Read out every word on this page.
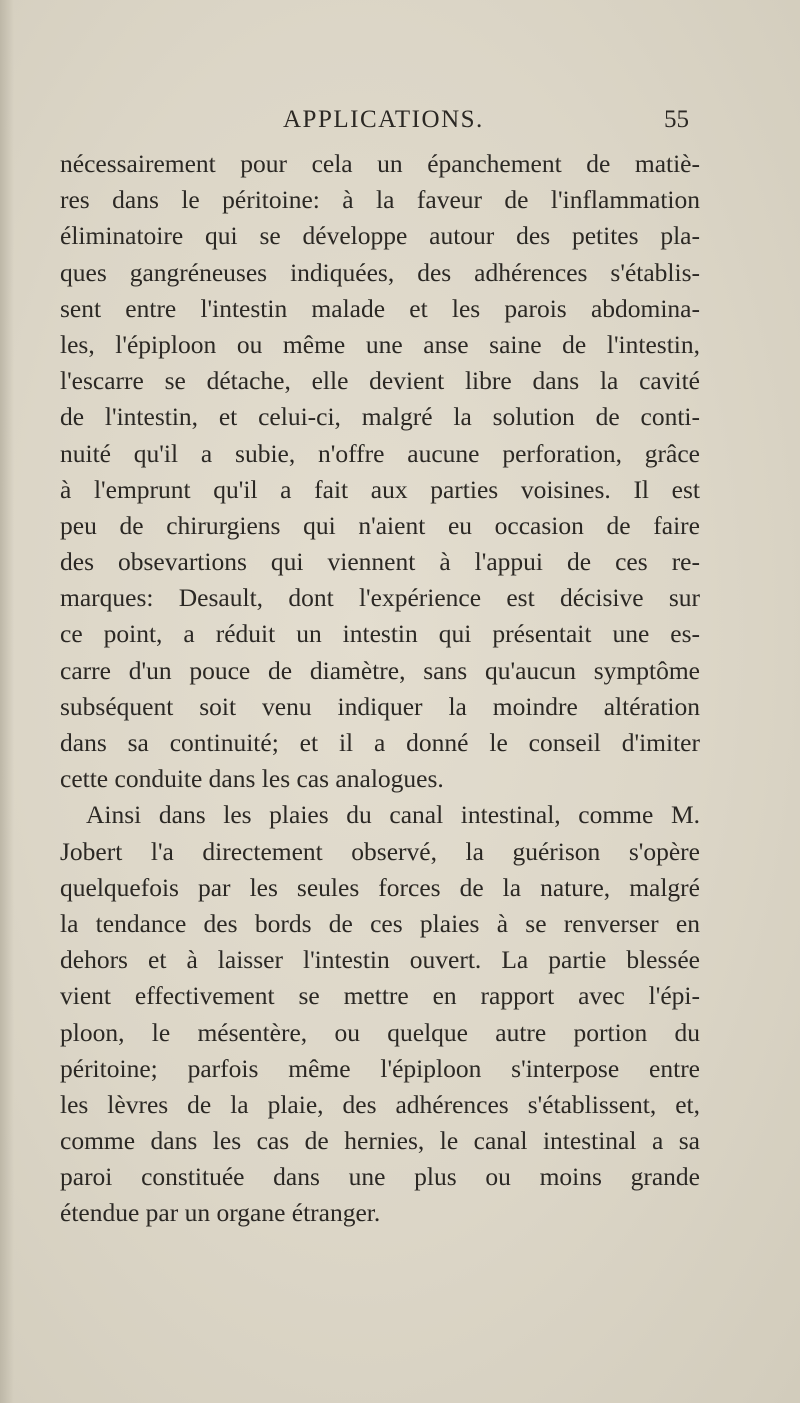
APPLICATIONS.	55
nécessairement pour cela un épanchement de matiè-
res dans le péritoine: à la faveur de l'inflammation
éliminatoire qui se développe autour des petites pla-
ques gangréneuses indiquées, des adhérences s'établis-
sent entre l'intestin malade et les parois abdomina-
les, l'épiploon ou même une anse saine de l'intestin,
l'escarre se détache, elle devient libre dans la cavité
de l'intestin, et celui-ci, malgré la solution de conti-
nuité qu'il a subie, n'offre aucune perforation, grâce
à l'emprunt qu'il a fait aux parties voisines. Il est
peu de chirurgiens qui n'aient eu occasion de faire
des obsevartions qui viennent à l'appui de ces re-
marques: Desault, dont l'expérience est décisive sur
ce point, a réduit un intestin qui présentait une es-
carre d'un pouce de diamètre, sans qu'aucun symptôme
subséquent soit venu indiquer la moindre altération
dans sa continuité; et il a donné le conseil d'imiter
cette conduite dans les cas analogues.
Ainsi dans les plaies du canal intestinal, comme M.
Jobert l'a directement observé, la guérison s'opère
quelquefois par les seules forces de la nature, malgré
la tendance des bords de ces plaies à se renverser en
dehors et à laisser l'intestin ouvert. La partie blessée
vient effectivement se mettre en rapport avec l'épi-
ploon, le mésentère, ou quelque autre portion du
péritoine; parfois même l'épiploon s'interpose entre
les lèvres de la plaie, des adhérences s'établissent, et,
comme dans les cas de hernies, le canal intestinal a sa
paroi constituée dans une plus ou moins grande
étendue par un organe étranger.
